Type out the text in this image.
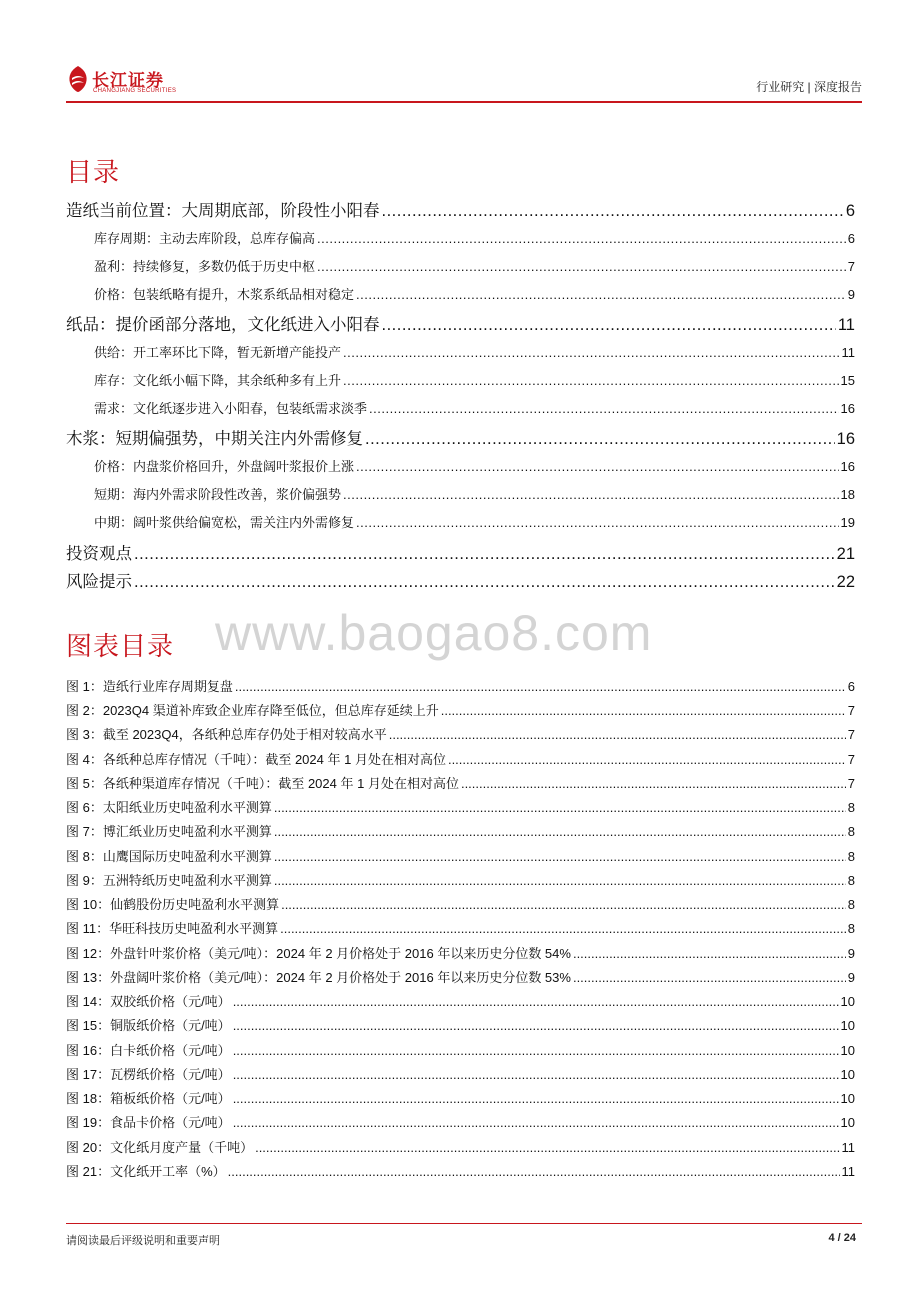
长江证券
CHANGJIANG SECURITIES	行业研究 | 深度报告
目录
造纸当前位置：大周期底部，阶段性小阳春 .....	6
库存周期：主动去库阶段，总库存偏高 .....	6
盈利：持续修复，多数仍低于历史中枢 .....	7
价格：包装纸略有提升，木浆系纸品相对稳定 .....	9
纸品：提价函部分落地，文化纸进入小阳春 .....	11
供给：开工率环比下降，暂无新增产能投产 .....	11
库存：文化纸小幅下降，其余纸种多有上升 .....	15
需求：文化纸逐步进入小阳春，包装纸需求淡季 .....	16
木浆：短期偏强势，中期关注内外需修复 .....	16
价格：内盘浆价格回升，外盘阔叶浆报价上涨 .....	16
短期：海内外需求阶段性改善，浆价偏强势 .....	18
中期：阔叶浆供给偏宽松，需关注内外需修复 .....	19
投资观点 .....	21
风险提示 .....	22
www.baogao8.com
图表目录
图 1：造纸行业库存周期复盘 .....	6
图 2：2023Q4 渠道补库致企业库存降至低位，但总库存延续上升 .....	7
图 3：截至 2023Q4，各纸种总库存仍处于相对较高水平 .....	7
图 4：各纸种总库存情况（千吨）：截至 2024 年 1 月处在相对高位 .....	7
图 5：各纸种渠道库存情况（千吨）：截至 2024 年 1 月处在相对高位 .....	7
图 6：太阳纸业历史吨盈利水平测算 .....	8
图 7：博汇纸业历史吨盈利水平测算 .....	8
图 8：山鹰国际历史吨盈利水平测算 .....	8
图 9：五洲特纸历史吨盈利水平测算 .....	8
图 10：仙鹤股份历史吨盈利水平测算 .....	8
图 11：华旺科技历史吨盈利水平测算 .....	8
图 12：外盘针叶浆价格（美元/吨）：2024 年 2 月价格处于 2016 年以来历史分位数 54% .....	9
图 13：外盘阔叶浆价格（美元/吨）：2024 年 2 月价格处于 2016 年以来历史分位数 53% .....	9
图 14：双胶纸价格（元/吨） .....	10
图 15：铜版纸价格（元/吨） .....	10
图 16：白卡纸价格（元/吨） .....	10
图 17：瓦楞纸价格（元/吨） .....	10
图 18：箱板纸价格（元/吨） .....	10
图 19：食品卡价格（元/吨） .....	10
图 20：文化纸月度产量（千吨） .....	11
图 21：文化纸开工率（%） .....	11
请阅读最后评级说明和重要声明	4 / 24
